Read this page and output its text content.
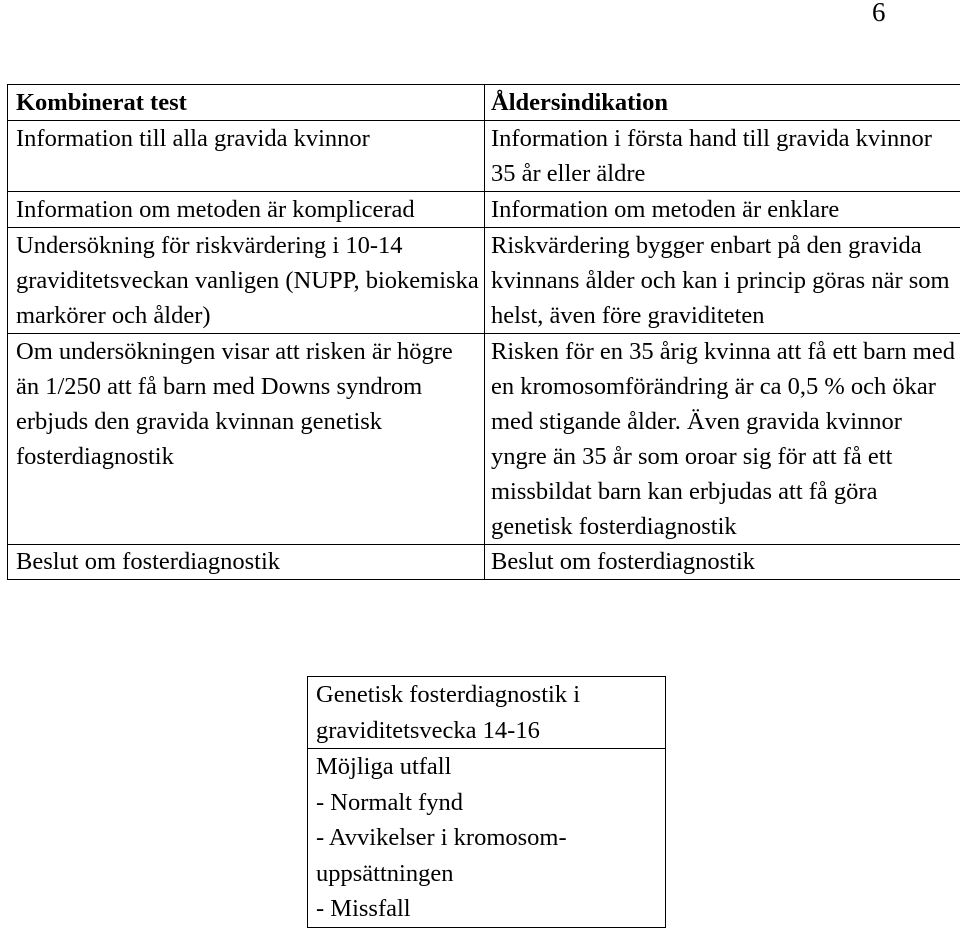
6
Kombinerat test	Åldersindikation
Information till alla gravida kvinnor	Information i första hand till gravida kvinnor 35 år eller äldre
Information om metoden är komplicerad	Information om metoden är enklare
Undersökning för riskvärdering i 10-14 graviditetsveckan vanligen (NUPP, biokemiska markörer och ålder)	Riskvärdering bygger enbart på den gravida kvinnans ålder och kan i princip göras när som helst, även före graviditeten
Om undersökningen visar att risken är högre än 1/250 att få barn med Downs syndrom erbjuds den gravida kvinnan genetisk fosterdiagnostik	Risken för en 35 årig kvinna att få ett barn med en kromosomförändring är ca 0,5 % och ökar med stigande ålder. Även gravida kvinnor yngre än 35 år som oroar sig för att få ett missbildat barn kan erbjudas att få göra genetisk fosterdiagnostik
Beslut om fosterdiagnostik	Beslut om fosterdiagnostik
Genetisk fosterdiagnostik i graviditetsvecka 14-16

Möjliga utfall
- Normalt fynd
- Avvikelser i kromosom-uppsättningen
- Missfall
